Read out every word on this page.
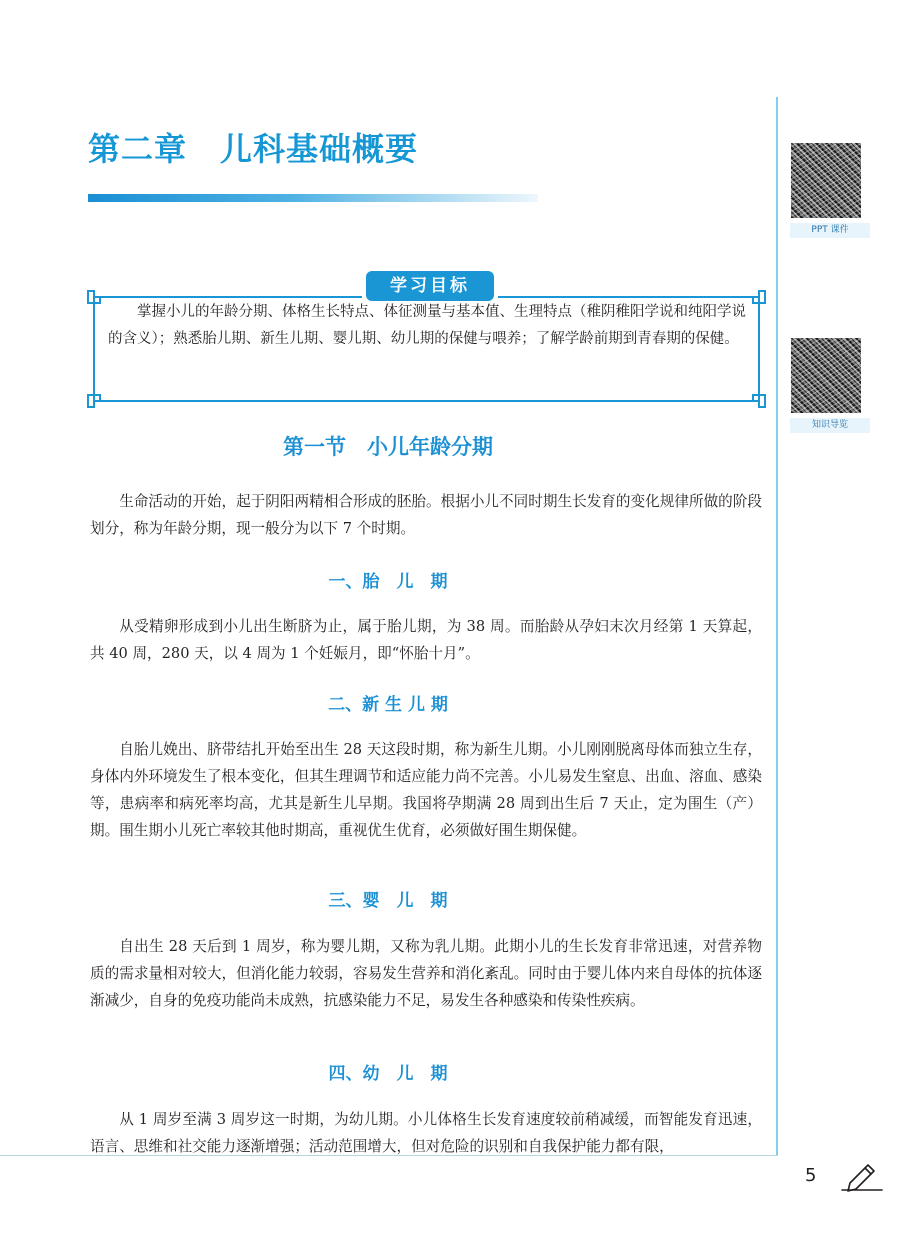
第二章　儿科基础概要
PPT 课件
知识导览
学习目标

掌握小儿的年龄分期、体格生长特点、体征测量与基本值、生理特点（稚阴稚阳学说和纯阳学说的含义）；熟悉胎儿期、新生儿期、婴儿期、幼儿期的保健与喂养；了解学龄前期到青春期的保健。

第一节　小儿年龄分期

生命活动的开始，起于阴阳两精相合形成的胚胎。根据小儿不同时期生长发育的变化规律所做的阶段划分，称为年龄分期，现一般分为以下 7 个时期。

一、胎　儿　期

从受精卵形成到小儿出生断脐为止，属于胎儿期，为 38 周。而胎龄从孕妇末次月经第 1 天算起，共 40 周，280 天，以 4 周为 1 个妊娠月，即“怀胎十月”。

二、新 生 儿 期

自胎儿娩出、脐带结扎开始至出生 28 天这段时期，称为新生儿期。小儿刚刚脱离母体而独立生存，身体内外环境发生了根本变化，但其生理调节和适应能力尚不完善。小儿易发生窒息、出血、溶血、感染等，患病率和病死率均高，尤其是新生儿早期。我国将孕期满 28 周到出生后 7 天止，定为围生（产）期。围生期小儿死亡率较其他时期高，重视优生优育，必须做好围生期保健。

三、婴　儿　期

自出生 28 天后到 1 周岁，称为婴儿期，又称为乳儿期。此期小儿的生长发育非常迅速，对营养物质的需求量相对较大，但消化能力较弱，容易发生营养和消化紊乱。同时由于婴儿体内来自母体的抗体逐渐减少，自身的免疫功能尚未成熟，抗感染能力不足，易发生各种感染和传染性疾病。

四、幼　儿　期

从 1 周岁至满 3 周岁这一时期，为幼儿期。小儿体格生长发育速度较前稍减缓，而智能发育迅速，语言、思维和社交能力逐渐增强；活动范围增大，但对危险的识别和自我保护能力都有限，

5
